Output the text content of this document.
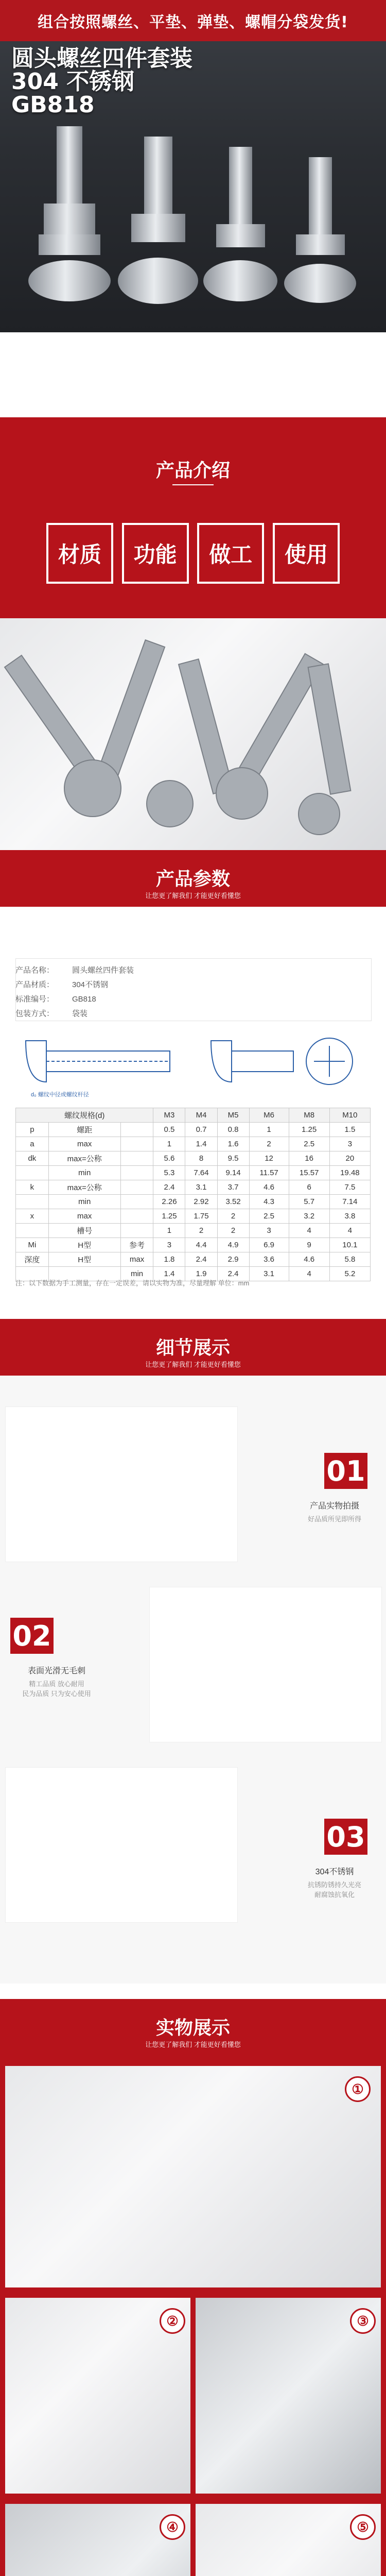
组合按照螺丝、平垫、弹垫、螺帽分袋发货!
圆头螺丝四件套装
304 不锈钢
GB818
产品介绍
材质	功能	做工	使用
产品参数
让您更了解我们 才能更好看懂您
产品名称： 圆头螺丝四件套装
产品材质： 304不锈钢
标准编号： GB818
包装方式： 袋装
d₀ 螺纹中径或螺纹杆径
螺纹规格(d)			M3	M4	M5	M6	M8	M10
p	螺距		0.5	0.7	0.8	1	1.25	1.5
a	max		1	1.4	1.6	2	2.5	3
dk	max=公称		5.6	8	9.5	12	16	20
	min		5.3	7.64	9.14	11.57	15.57	19.48
k	max=公称		2.4	3.1	3.7	4.6	6	7.5
	min		2.26	2.92	3.52	4.3	5.7	7.14
x	max		1.25	1.75	2	2.5	3.2	3.8
	槽号		1	2	2	3	4	4
Mi	H型	参考	3	4.4	4.9	6.9	9	10.1
深度	H型	max	1.8	2.4	2.9	3.6	4.6	5.8
		min	1.4	1.9	2.4	3.1	4	5.2
注：以下数据为手工测量，存在一定误差，请以实物为准，尽量理解 单位：mm
细节展示
让您更了解我们 才能更好看懂您
01
产品实物拍摄
好品质所见即所得
02
表面光滑无毛刺
精工品质 放心耐用
民为品质 只为安心使用
03
304不锈钢
抗锈防锈持久光亮
耐腐蚀抗氧化
实物展示
让您更了解我们 才能更好看懂您
①
②	③
④	⑤
